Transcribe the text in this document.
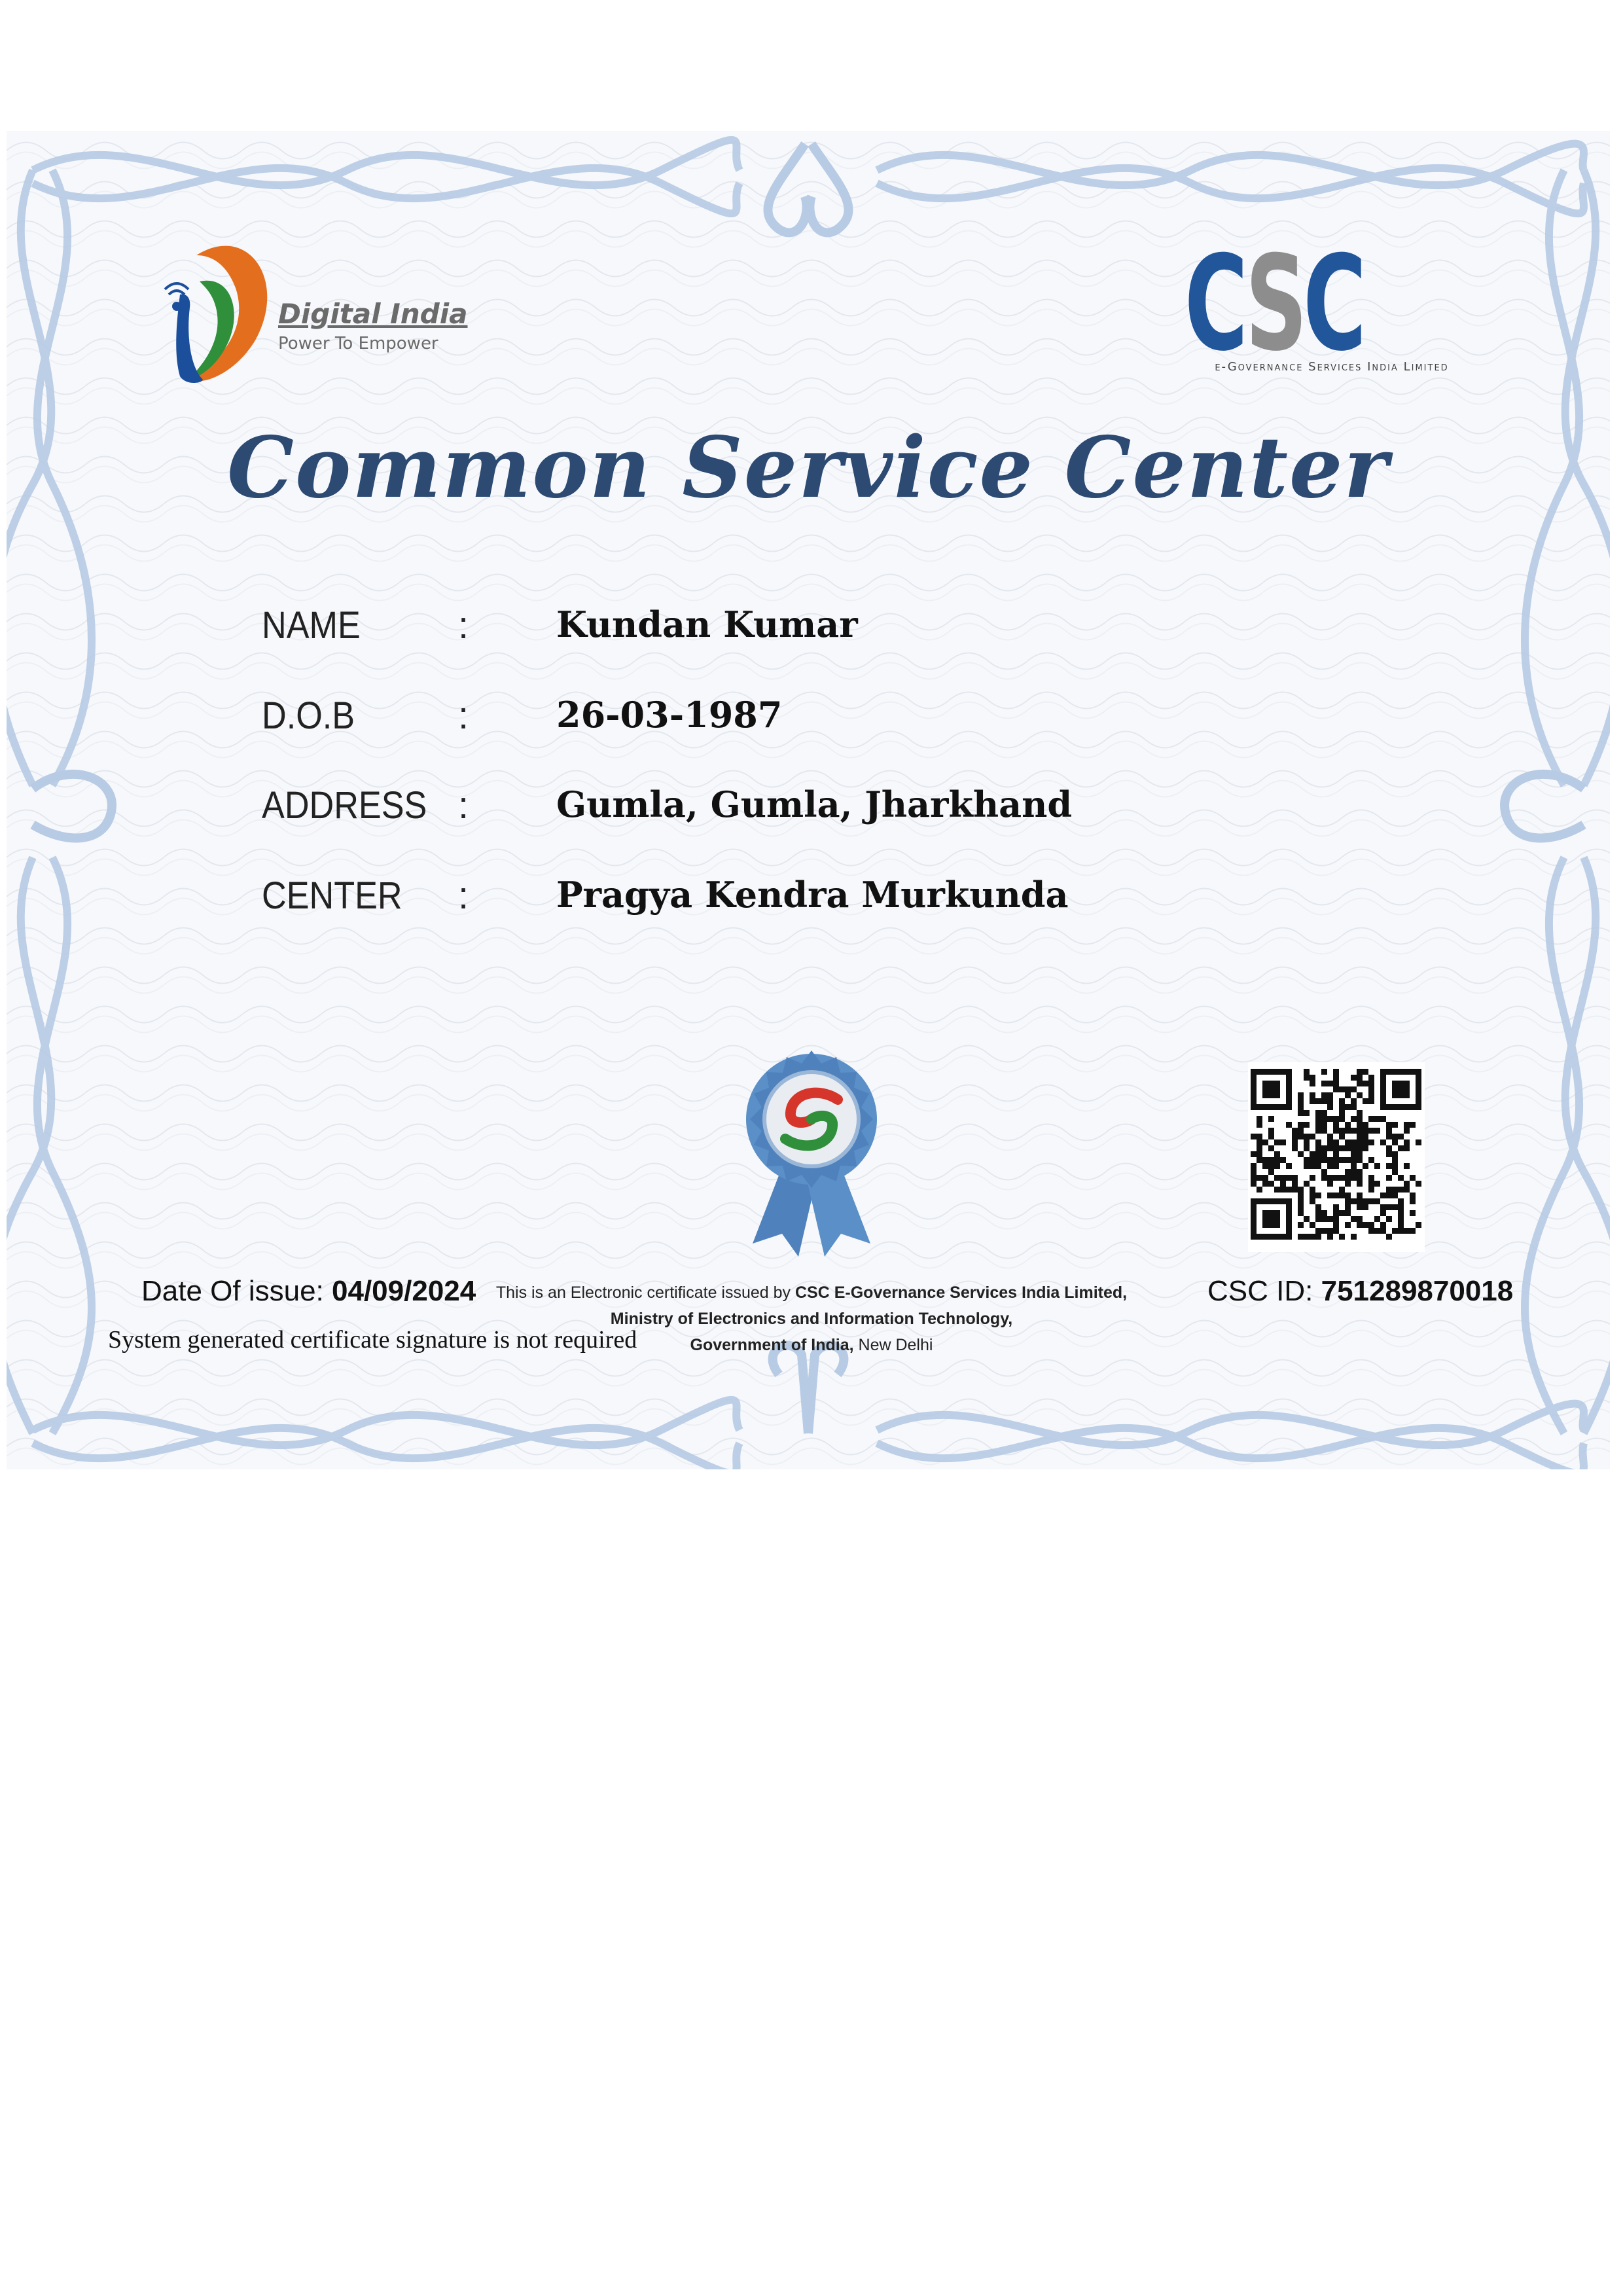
Digital India
Power To Empower	CSC
e-Governance Services India Limited
Common Service Center
NAME	: Kundan Kumar
D.O.B	: 26-03-1987
ADDRESS : Gumla, Gumla, Jharkhand
CENTER : Pragya Kendra Murkunda
Date Of issue: 04/09/2024
System generated certificate signature is not required
This is an Electronic certificate issued by CSC E-Governance Services India Limited,
Ministry of Electronics and Information Technology,
Government of India, New Delhi
CSC ID: 751289870018
